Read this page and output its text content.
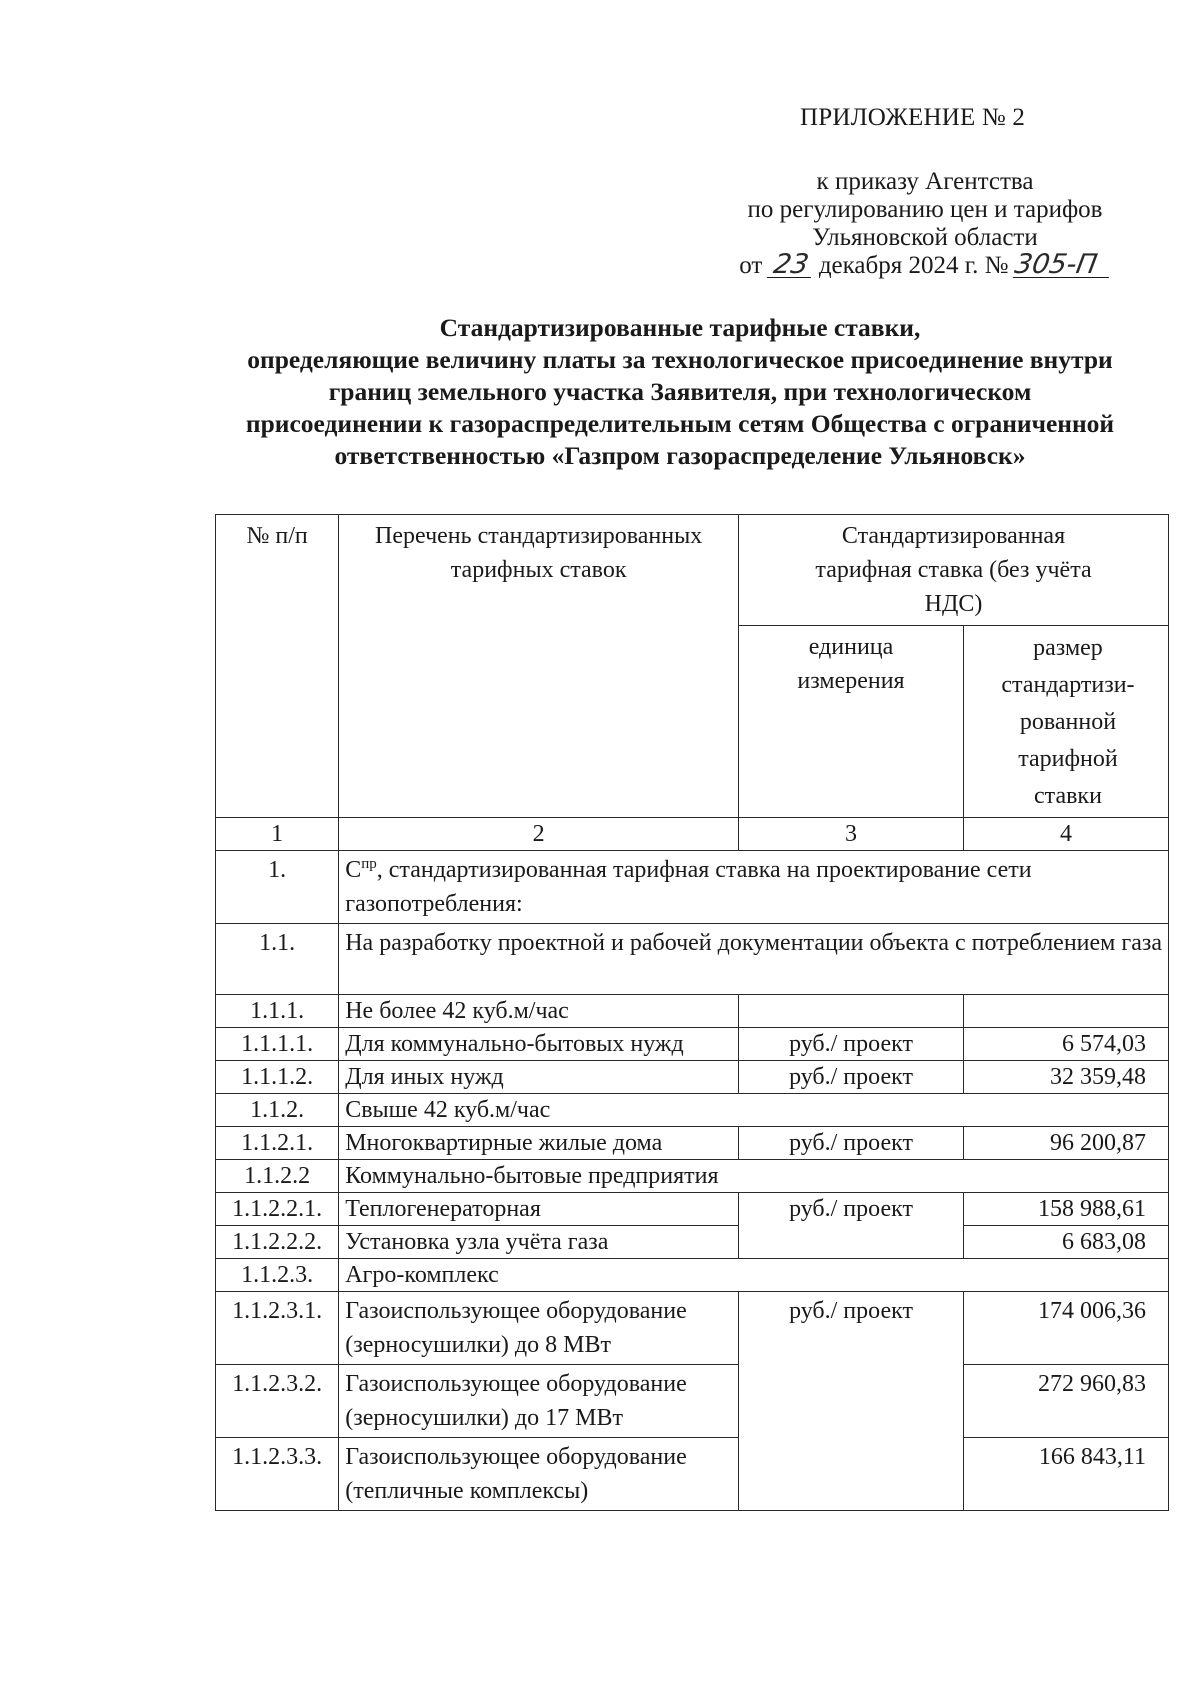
ПРИЛОЖЕНИЕ № 2
к приказу Агентства
по регулированию цен и тарифов
Ульяновской области
от 23 декабря 2024 г. № 305-П
Стандартизированные тарифные ставки,
определяющие величину платы за технологическое присоединение внутри
границ земельного участка Заявителя, при технологическом
присоединении к газораспределительным сетям Общества с ограниченной
ответственностью «Газпром газораспределение Ульяновск»
№ п/п	Перечень стандартизированных тарифных ставок	Стандартизированная тарифная ставка (без учёта НДС)	
		единица измерения	размер стандартизи-рованной тарифной ставки
1	2	3	4
1.	$С^{пр}$, стандартизированная тарифная ставка на проектирование сети газопотребления:		
1.1.	На разработку проектной и рабочей документации объекта с потреблением газа		
1.1.1.	Не более 42 куб.м/час		
1.1.1.1.	Для коммунально-бытовых нужд	руб./ проект	6 574,03
1.1.1.2.	Для иных нужд	руб./ проект	32 359,48
1.1.2.	Свыше 42 куб.м/час		
1.1.2.1.	Многоквартирные жилые дома	руб./ проект	96 200,87
1.1.2.2	Коммунально-бытовые предприятия		
1.1.2.2.1.	Теплогенераторная	руб./ проект	158 988,61
1.1.2.2.2.	Установка узла учёта газа		6 683,08
1.1.2.3.	Агро-комплекс		
1.1.2.3.1.	Газоиспользующее оборудование (зерносушилки) до 8 МВт	руб./ проект	174 006,36
1.1.2.3.2.	Газоиспользующее оборудование (зерносушилки) до 17 МВт		272 960,83
1.1.2.3.3.	Газоиспользующее оборудование (тепличные комплексы)		166 843,11
